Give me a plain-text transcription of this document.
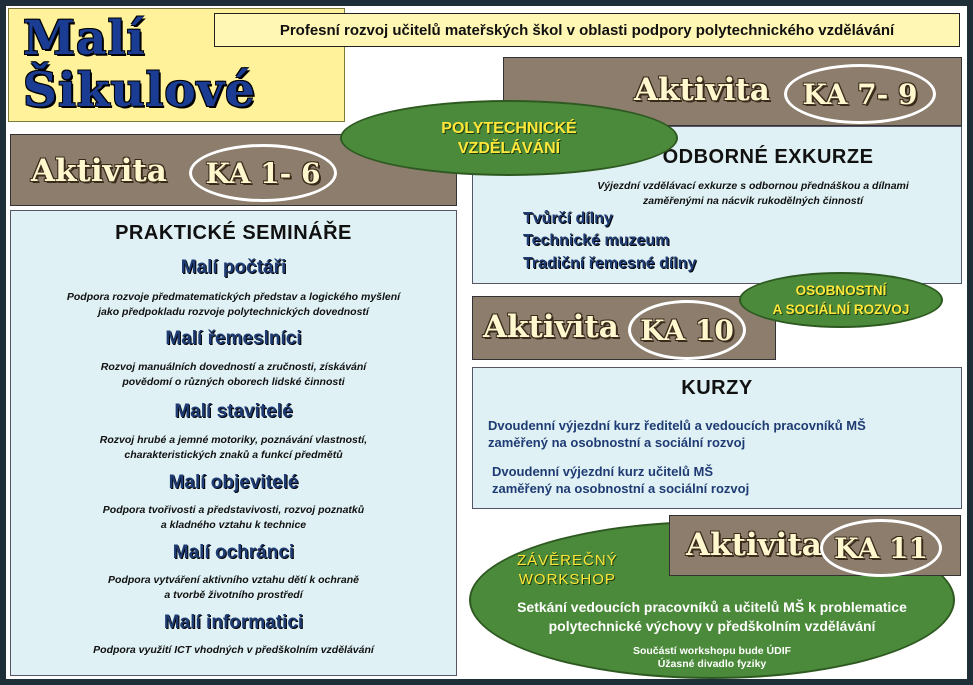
Malí
Šikulové
Profesní rozvoj učitelů mateřských škol v oblasti podpory polytechnického vzdělávání
Aktivita	KA 7- 9
Aktivita	KA 1- 6	ODBORNÉ EXKURZE
Výjezdní vzdělávací exkurze s odbornou přednáškou a dílnami
zaměřenými na nácvik rukodělných činností
Tvůrčí dílny
Technické muzeum
Tradiční řemesné dílny
POLYTECHNICKÉ
VZDĚLÁVÁNÍ
PRAKTICKÉ SEMINÁŘE
Malí počtáři
Podpora rozvoje předmatematických představ a logického myšlení
jako předpokladu rozvoje polytechnických dovedností
Malí řemeslníci
Rozvoj manuálních dovedností a zručnosti, získávání
povědomí o různých oborech lidské činnosti
Malí stavitelé
Rozvoj hrubé a jemné motoriky, poznávání vlastností,
charakteristických znaků a funkcí předmětů
Malí objevitelé
Podpora tvořivosti a představivosti, rozvoj poznatků
a kladného vztahu k technice
Malí ochránci
Podpora vytváření aktivního vztahu dětí k ochraně
a tvorbě životního prostředí
Malí informatici
Podpora využití ICT vhodných v předškolním vzdělávání
Aktivita KA 10
OSOBNOSTNÍ
A SOCIÁLNÍ ROZVOJ
KURZY
Dvoudenní výjezdní kurz ředitelů a vedoucích pracovníků MŠ
zaměřený na osobnostní a sociální rozvoj
Dvoudenní výjezdní kurz učitelů MŠ
zaměřený na osobnostní a sociální rozvoj
ZÁVĚREČNÝ
WORKSHOP
Setkání vedoucích pracovníků a učitelů MŠ k problematice
polytechnické výchovy v předškolním vzdělávání
Součástí workshopu bude ÚDIF
Úžasné divadlo fyziky
Aktivita KA 11
